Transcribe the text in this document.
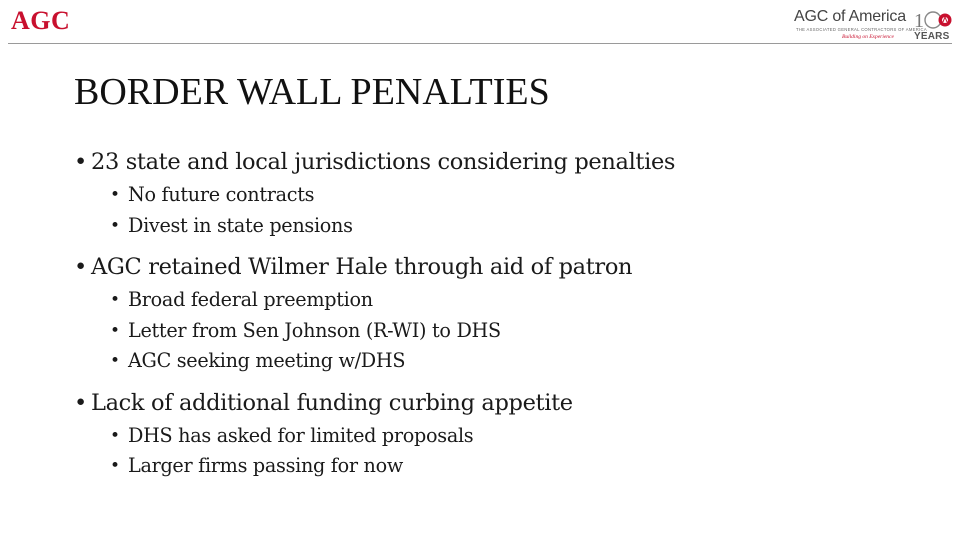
AGC	AGC of America
THE ASSOCIATED GENERAL CONTRACTORS OF AMERICA
Building on Experience
1
YEARS
BORDER WALL PENALTIES
• 23 state and local jurisdictions considering penalties
• No future contracts
• Divest in state pensions
• AGC retained Wilmer Hale through aid of patron
• Broad federal preemption
• Letter from Sen Johnson (R-WI) to DHS
• AGC seeking meeting w/DHS
• Lack of additional funding curbing appetite
• DHS has asked for limited proposals
• Larger firms passing for now
